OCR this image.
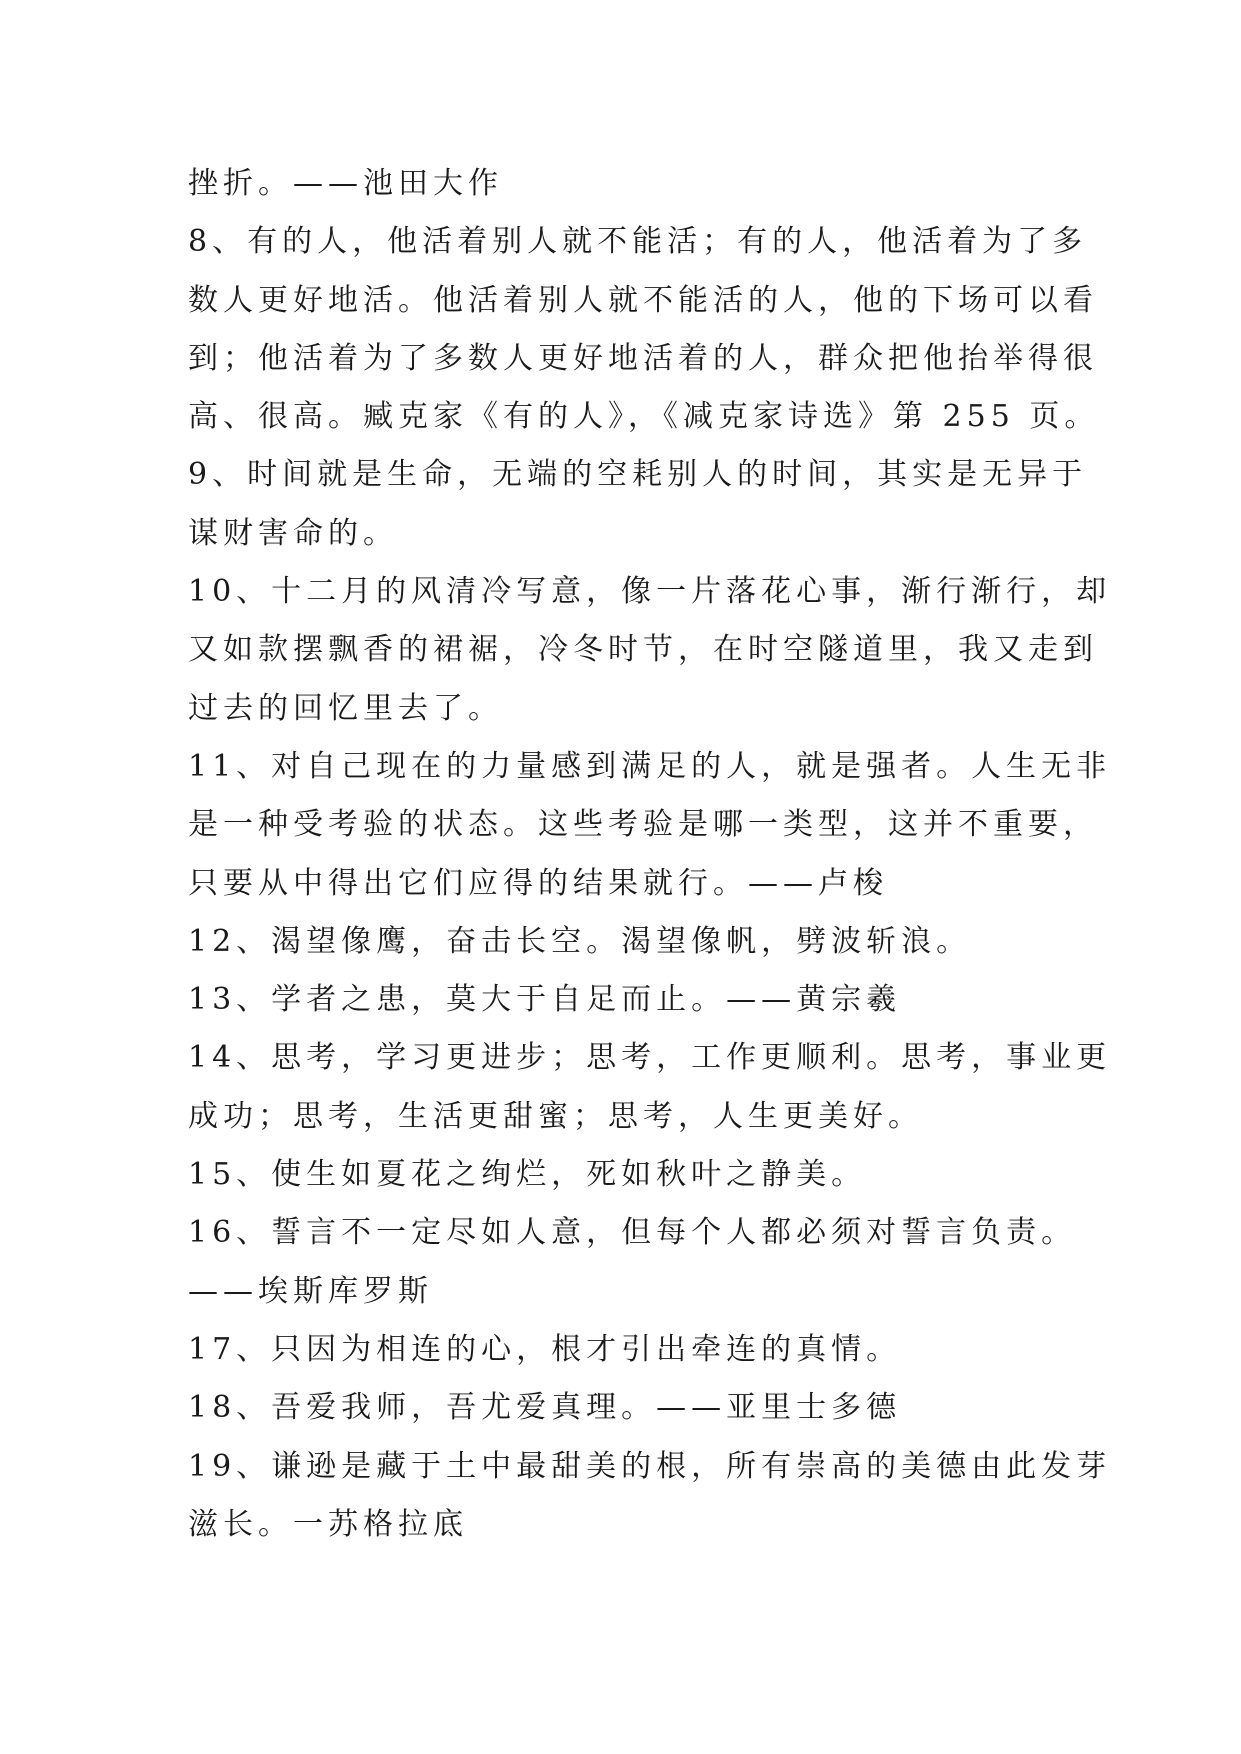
挫折。——池田大作
8、有的人，他活着别人就不能活；有的人，他活着为了多
数人更好地活。他活着别人就不能活的人，他的下场可以看
到；他活着为了多数人更好地活着的人，群众把他抬举得很
高、很高。臧克家《有的人》，《减克家诗选》第 255 页。
9、时间就是生命，无端的空耗别人的时间，其实是无异于
谋财害命的。
10、十二月的风清冷写意，像一片落花心事，渐行渐行，却
又如款摆飘香的裙裾，冷冬时节，在时空隧道里，我又走到
过去的回忆里去了。
11、对自己现在的力量感到满足的人，就是强者。人生无非
是一种受考验的状态。这些考验是哪一类型，这并不重要，
只要从中得出它们应得的结果就行。——卢梭
12、渴望像鹰，奋击长空。渴望像帆，劈波斩浪。
13、学者之患，莫大于自足而止。——黄宗羲
14、思考，学习更进步；思考，工作更顺利。思考，事业更
成功；思考，生活更甜蜜；思考，人生更美好。
15、使生如夏花之绚烂，死如秋叶之静美。
16、誓言不一定尽如人意，但每个人都必须对誓言负责。
——埃斯库罗斯
17、只因为相连的心，根才引出牵连的真情。
18、吾爱我师，吾尤爱真理。——亚里士多德
19、谦逊是藏于土中最甜美的根，所有崇高的美德由此发芽
滋长。一苏格拉底
